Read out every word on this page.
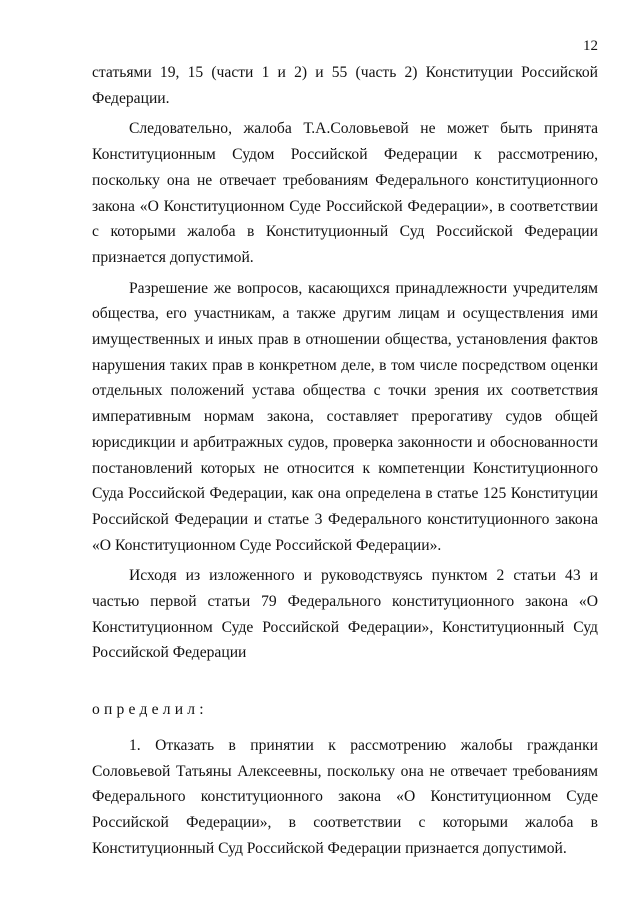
12

статьями 19, 15 (части 1 и 2) и 55 (часть 2) Конституции Российской Федерации.

Следовательно, жалоба Т.А.Соловьевой не может быть принята Конституционным Судом Российской Федерации к рассмотрению, поскольку она не отвечает требованиям Федерального конституционного закона «О Конституционном Суде Российской Федерации», в соответствии с которыми жалоба в Конституционный Суд Российской Федерации признается допустимой.

Разрешение же вопросов, касающихся принадлежности учредителям общества, его участникам, а также другим лицам и осуществления ими имущественных и иных прав в отношении общества, установления фактов нарушения таких прав в конкретном деле, в том числе посредством оценки отдельных положений устава общества с точки зрения их соответствия императивным нормам закона, составляет прерогативу судов общей юрисдикции и арбитражных судов, проверка законности и обоснованности постановлений которых не относится к компетенции Конституционного Суда Российской Федерации, как она определена в статье 125 Конституции Российской Федерации и статье 3 Федерального конституционного закона «О Конституционном Суде Российской Федерации».

Исходя из изложенного и руководствуясь пунктом 2 статьи 43 и частью первой статьи 79 Федерального конституционного закона «О Конституционном Суде Российской Федерации», Конституционный Суд Российской Федерации

определил:

1. Отказать в принятии к рассмотрению жалобы гражданки Соловьевой Татьяны Алексеевны, поскольку она не отвечает требованиям Федерального конституционного закона «О Конституционном Суде Российской Федерации», в соответствии с которыми жалоба в Конституционный Суд Российской Федерации признается допустимой.
